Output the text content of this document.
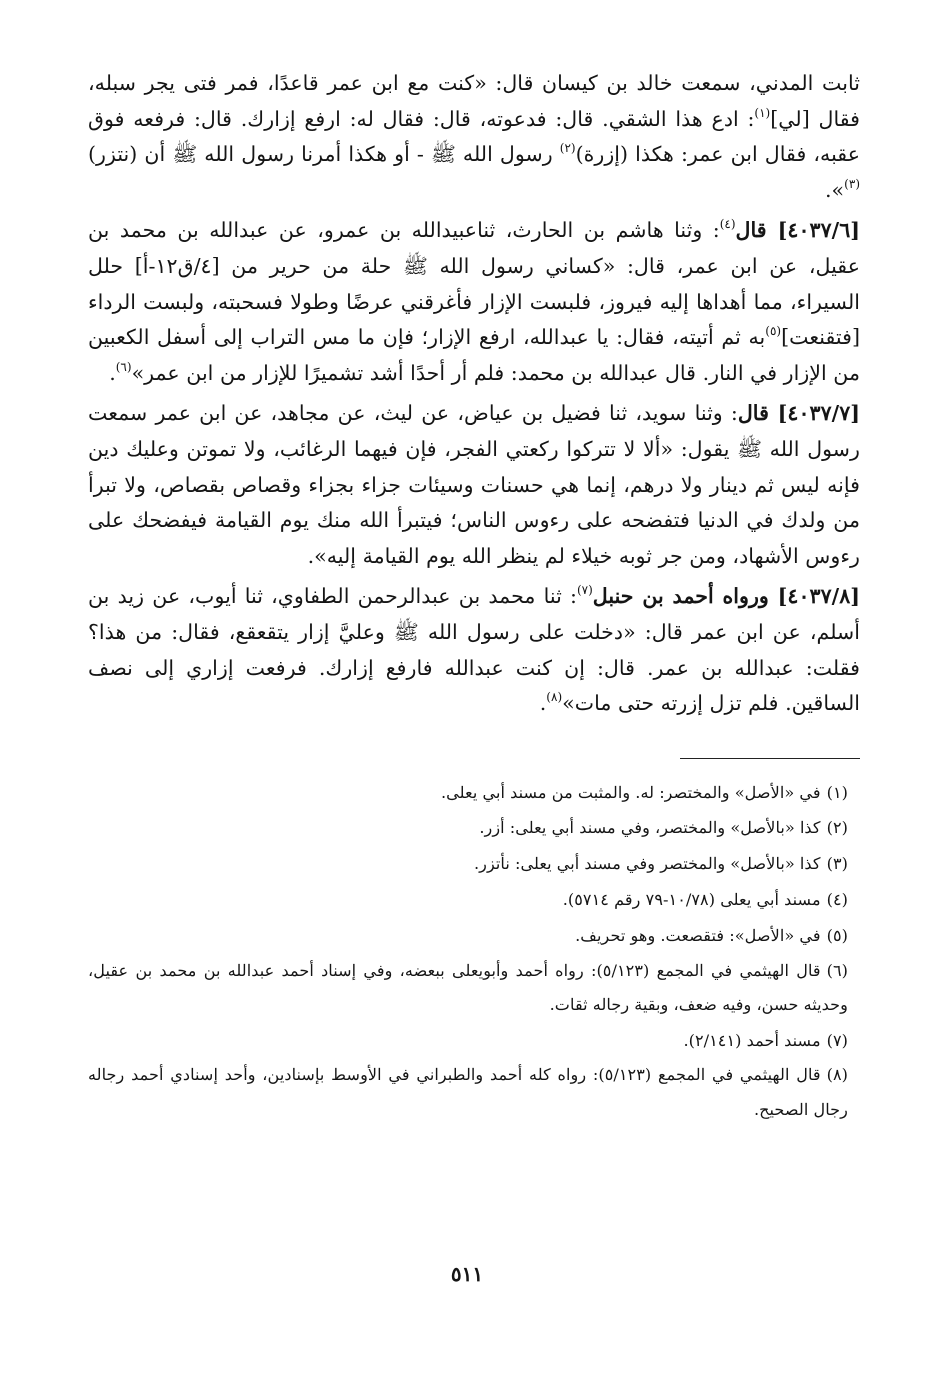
ثابت المدني، سمعت خالد بن كيسان قال: «كنت مع ابن عمر قاعدًا، فمر فتى يجر سبله، فقال [لي]$^{(١)}$: ادع هذا الشقي. قال: فدعوته، قال: فقال له: ارفع إزارك. قال: فرفعه فوق عقبه، فقال ابن عمر: هكذا (إزرة)$^{(٢)}$ رسول الله ﷺ - أو هكذا أمرنا رسول الله ﷺ أن (نتزر)$^{(٣)}$».

[٤٠٣٧/٦] قال$^{(٤)}$: وثنا هاشم بن الحارث، ثناعبيدالله بن عمرو، عن عبدالله بن محمد بن عقيل، عن ابن عمر، قال: «كساني رسول الله ﷺ حلة من حرير من [٤/ق١٢-أ] حلل السيراء، مما أهداها إليه فيروز، فلبست الإزار فأغرقني عرضًا وطولا فسحبته، ولبست الرداء [فتقنعت]$^{(٥)}$به ثم أتيته، فقال: يا عبدالله، ارفع الإزار؛ فإن ما مس التراب إلى أسفل الكعبين من الإزار في النار. قال عبدالله بن محمد: فلم أر أحدًا أشد تشميرًا للإزار من ابن عمر»$^{(٦)}$.

[٤٠٣٧/٧] قال: وثنا سويد، ثنا فضيل بن عياض، عن ليث، عن مجاهد، عن ابن عمر سمعت رسول الله ﷺ يقول: «ألا لا تتركوا ركعتي الفجر، فإن فيهما الرغائب، ولا تموتن وعليك دين فإنه ليس ثم دينار ولا درهم، إنما هي حسنات وسيئات جزاء بجزاء وقصاص بقصاص، ولا تبرأ من ولدك في الدنيا فتفضحه على رءوس الناس؛ فيتبرأ الله منك يوم القيامة فيفضحك على رءوس الأشهاد، ومن جر ثوبه خيلاء لم ينظر الله يوم القيامة إليه».

[٤٠٣٧/٨] ورواه أحمد بن حنبل$^{(٧)}$: ثنا محمد بن عبدالرحمن الطفاوي، ثنا أيوب، عن زيد بن أسلم، عن ابن عمر قال: «دخلت على رسول الله ﷺ وعليَّ إزار يتقعقع، فقال: من هذا؟ فقلت: عبدالله بن عمر. قال: إن كنت عبدالله فارفع إزارك. فرفعت إزاري إلى نصف الساقين. فلم تزل إزرته حتى مات»$^{(٨)}$.

(١)في «الأصل» والمختصر: له. والمثبت من مسند أبي يعلى.

(٢)كذا «بالأصل» والمختصر، وفي مسند أبي يعلى: أزر.

(٣)كذا «بالأصل» والمختصر وفي مسند أبي يعلى: نأتزر.

(٤)مسند أبي يعلى (١٠/٧٨-٧٩ رقم ٥٧١٤).

(٥)في «الأصل»: فتقصعت. وهو تحريف.

(٦)قال الهيثمي في المجمع (٥/١٢٣): رواه أحمد وأبويعلى ببعضه، وفي إسناد أحمد عبدالله بن محمد بن عقيل، وحديثه حسن، وفيه ضعف، وبقية رجاله ثقات.

(٧)مسند أحمد (٢/١٤١).

(٨)قال الهيثمي في المجمع (٥/١٢٣): رواه كله أحمد والطبراني في الأوسط بإسنادين، وأحد إسنادي أحمد رجاله رجال الصحيح.

٥١١
